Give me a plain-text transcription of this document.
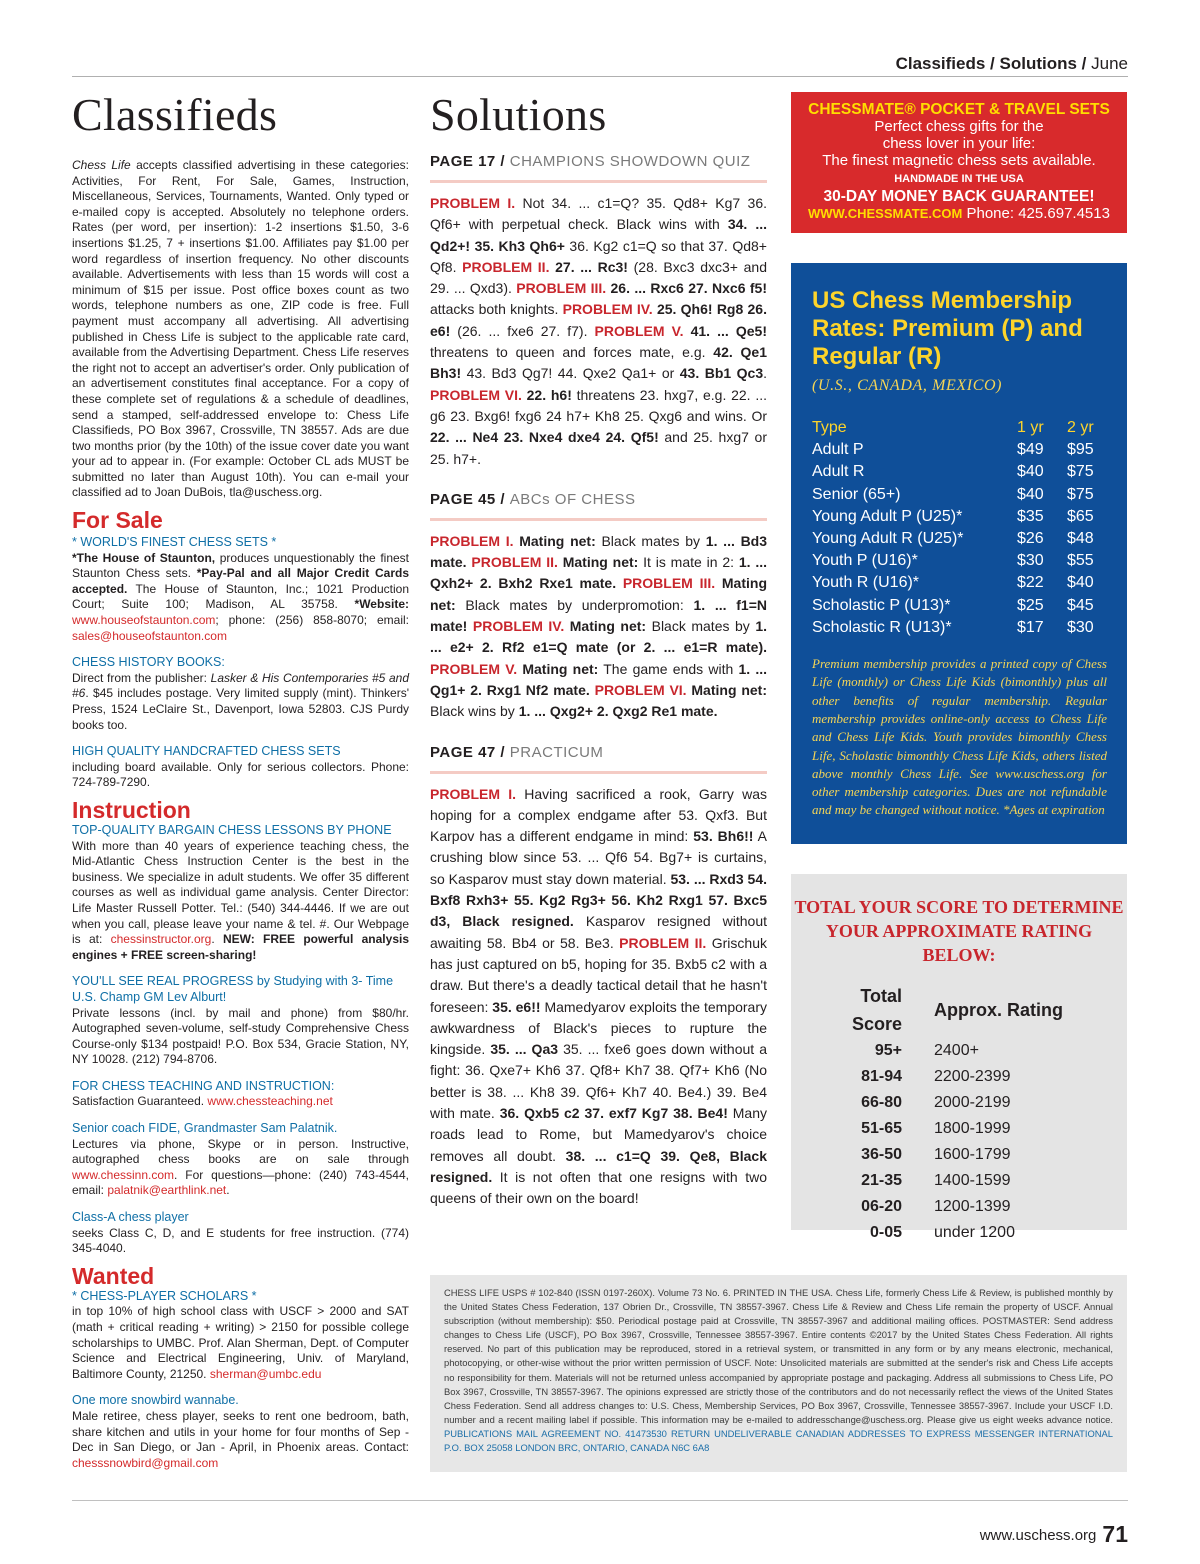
Classifieds / Solutions / June
Classifieds	Solutions

Chess Life accepts classified advertising in these categories: Activities, For Rent, For Sale, Games, Instruction, Miscellaneous, Services, Tournaments, Wanted. Only typed or e-mailed copy is accepted. Absolutely no telephone orders. Rates (per word, per insertion): 1-2 insertions $1.50, 3-6 insertions $1.25, 7 + insertions $1.00. Affiliates pay $1.00 per word regardless of insertion frequency. No other discounts available. Advertisements with less than 15 words will cost a minimum of $15 per issue. Post office boxes count as two words, telephone numbers as one, ZIP code is free. Full payment must accompany all advertising. All advertising published in Chess Life is subject to the applicable rate card, available from the Advertising Department. Chess Life reserves the right not to accept an advertiser's order. Only publication of an advertisement constitutes final acceptance. For a copy of these complete set of regulations & a schedule of deadlines, send a stamped, self-addressed envelope to: Chess Life Classifieds, PO Box 3967, Crossville, TN 38557. Ads are due two months prior (by the 10th) of the issue cover date you want your ad to appear in. (For example: October CL ads MUST be submitted no later than August 10th). You can e-mail your classified ad to Joan DuBois, tla@uschess.org.

For Sale
* WORLD'S FINEST CHESS SETS *

*The House of Staunton, produces unquestionably the finest Staunton Chess sets. *Pay-Pal and all Major Credit Cards accepted. The House of Staunton, Inc.; 1021 Production Court; Suite 100; Madison, AL 35758. *Website: www.houseofstaunton.com; phone: (256) 858-8070; email: sales@houseofstaunton.com

CHESS HISTORY BOOKS:

Direct from the publisher: Lasker & His Contemporaries #5 and #6. $45 includes postage. Very limited supply (mint). Thinkers' Press, 1524 LeClaire St., Davenport, Iowa 52803. CJS Purdy books too.

HIGH QUALITY HANDCRAFTED CHESS SETS

including board available. Only for serious collectors. Phone: 724-789-7290.

Instruction
TOP-QUALITY BARGAIN CHESS LESSONS BY PHONE

With more than 40 years of experience teaching chess, the Mid-Atlantic Chess Instruction Center is the best in the business. We specialize in adult students. We offer 35 different courses as well as individual game analysis. Center Director: Life Master Russell Potter. Tel.: (540) 344-4446. If we are out when you call, please leave your name & tel. #. Our Webpage is at: chessinstructor.org. NEW: FREE powerful analysis engines + FREE screen-sharing!

YOU'LL SEE REAL PROGRESS by Studying with 3- Time U.S. Champ GM Lev Alburt!

Private lessons (incl. by mail and phone) from $80/hr. Autographed seven-volume, self-study Comprehensive Chess Course-only $134 postpaid! P.O. Box 534, Gracie Station, NY, NY 10028. (212) 794-8706.

FOR CHESS TEACHING AND INSTRUCTION:

Satisfaction Guaranteed. www.chessteaching.net

Senior coach FIDE, Grandmaster Sam Palatnik.

Lectures via phone, Skype or in person. Instructive, autographed chess books are on sale through www.chessinn.com. For questions—phone: (240) 743-4544, email: palatnik@earthlink.net.

Class-A chess player

seeks Class C, D, and E students for free instruction. (774) 345-4040.

Wanted
* CHESS-PLAYER SCHOLARS *

in top 10% of high school class with USCF > 2000 and SAT (math + critical reading + writing) > 2150 for possible college scholarships to UMBC. Prof. Alan Sherman, Dept. of Computer Science and Electrical Engineering, Univ. of Maryland, Baltimore County, 21250. sherman@umbc.edu

One more snowbird wannabe.

Male retiree, chess player, seeks to rent one bedroom, bath, share kitchen and utils in your home for four months of Sep - Dec in San Diego, or Jan - April, in Phoenix areas. Contact: chesssnowbird@gmail.com

PAGE 17 / CHAMPIONS SHOWDOWN QUIZ

PROBLEM I. Not 34. ... c1=Q? 35. Qd8+ Kg7 36. Qf6+ with perpetual check. Black wins with 34. ... Qd2+! 35. Kh3 Qh6+ 36. Kg2 c1=Q so that 37. Qd8+ Qf8. PROBLEM II. 27. ... Rc3! (28. Bxc3 dxc3+ and 29. ... Qxd3). PROBLEM III. 26. ... Rxc6 27. Nxc6 f5! attacks both knights. PROBLEM IV. 25. Qh6! Rg8 26. e6! (26. ... fxe6 27. f7). PROBLEM V. 41. ... Qe5! threatens to queen and forces mate, e.g. 42. Qe1 Bh3! 43. Bd3 Qg7! 44. Qxe2 Qa1+ or 43. Bb1 Qc3. PROBLEM VI. 22. h6! threatens 23. hxg7, e.g. 22. ... g6 23. Bxg6! fxg6 24 h7+ Kh8 25. Qxg6 and wins. Or 22. ... Ne4 23. Nxe4 dxe4 24. Qf5! and 25. hxg7 or 25. h7+.

PAGE 45 / ABCs OF CHESS

PROBLEM I. Mating net: Black mates by 1. ... Bd3 mate. PROBLEM II. Mating net: It is mate in 2: 1. ... Qxh2+ 2. Bxh2 Rxe1 mate. PROBLEM III. Mating net: Black mates by underpromotion: 1. ... f1=N mate! PROBLEM IV. Mating net: Black mates by 1. ... e2+ 2. Rf2 e1=Q mate (or 2. ... e1=R mate). PROBLEM V. Mating net: The game ends with 1. ... Qg1+ 2. Rxg1 Nf2 mate. PROBLEM VI. Mating net: Black wins by 1. ... Qxg2+ 2. Qxg2 Re1 mate.

PAGE 47 / PRACTICUM

PROBLEM I. Having sacrificed a rook, Garry was hoping for a complex endgame after 53. Qxf3. But Karpov has a different endgame in mind: 53. Bh6!! A crushing blow since 53. ... Qf6 54. Bg7+ is curtains, so Kasparov must stay down material. 53. ... Rxd3 54. Bxf8 Rxh3+ 55. Kg2 Rg3+ 56. Kh2 Rxg1 57. Bxc5 d3, Black resigned. Kasparov resigned without awaiting 58. Bb4 or 58. Be3. PROBLEM II. Grischuk has just captured on b5, hoping for 35. Bxb5 c2 with a draw. But there's a deadly tactical detail that he hasn't foreseen: 35. e6!! Mamedyarov exploits the temporary awkwardness of Black's pieces to rupture the kingside. 35. ... Qa3 35. ... fxe6 goes down without a fight: 36. Qxe7+ Kh6 37. Qf8+ Kh7 38. Qf7+ Kh6 (No better is 38. ... Kh8 39. Qf6+ Kh7 40. Be4.) 39. Be4 with mate. 36. Qxb5 c2 37. exf7 Kg7 38. Be4! Many roads lead to Rome, but Mamedyarov's choice removes all doubt. 38. ... c1=Q 39. Qe8, Black resigned. It is not often that one resigns with two queens of their own on the board!

CHESSMATE® POCKET & TRAVEL SETS
Perfect chess gifts for the
chess lover in your life:
The finest magnetic chess sets available.
HANDMADE IN THE USA
30-DAY MONEY BACK GUARANTEE!
WWW.CHESSMATE.COM Phone: 425.697.4513
US Chess Membership Rates: Premium (P) and Regular (R)
(U.S., CANADA, MEXICO)
Type	1 yr	2 yr
Adult P	$49	$95
Adult R	$40	$75
Senior (65+)	$40	$75
Young Adult P (U25)*	$35	$65
Young Adult R (U25)*	$26	$48
Youth P (U16)*	$30	$55
Youth R (U16)*	$22	$40
Scholastic P (U13)*	$25	$45
Scholastic R (U13)*	$17	$30

Premium membership provides a printed copy of Chess Life (monthly) or Chess Life Kids (bimonthly) plus all other benefits of regular membership. Regular membership provides online-only access to Chess Life and Chess Life Kids. Youth provides bimonthly Chess Life, Scholastic bimonthly Chess Life Kids, others listed above monthly Chess Life. See www.uschess.org for other membership categories. Dues are not refundable and may be changed without notice. *Ages at expiration

TOTAL YOUR SCORE TO DETERMINE YOUR APPROXIMATE RATING BELOW:
Total Score	Approx. Rating
95+	2400+
81-94	2200-2399
66-80	2000-2199
51-65	1800-1999
36-50	1600-1799
21-35	1400-1599
06-20	1200-1399
0-05	under 1200
CHESS LIFE USPS # 102-840 (ISSN 0197-260X). Volume 73 No. 6. PRINTED IN THE USA. Chess Life, formerly Chess Life & Review, is published monthly by the United States Chess Federation, 137 Obrien Dr., Crossville, TN 38557-3967. Chess Life & Review and Chess Life remain the property of USCF. Annual subscription (without membership): $50. Periodical postage paid at Crossville, TN 38557-3967 and additional mailing offices. POSTMASTER: Send address changes to Chess Life (USCF), PO Box 3967, Crossville, Tennessee 38557-3967. Entire contents ©2017 by the United States Chess Federation. All rights reserved. No part of this publication may be reproduced, stored in a retrieval system, or transmitted in any form or by any means electronic, mechanical, photocopying, or other-wise without the prior written permission of USCF. Note: Unsolicited materials are submitted at the sender's risk and Chess Life accepts no responsibility for them. Materials will not be returned unless accompanied by appropriate postage and packaging. Address all submissions to Chess Life, PO Box 3967, Crossville, TN 38557-3967. The opinions expressed are strictly those of the contributors and do not necessarily reflect the views of the United States Chess Federation. Send all address changes to: U.S. Chess, Membership Services, PO Box 3967, Crossville, Tennessee 38557-3967. Include your USCF I.D. number and a recent mailing label if possible. This information may be e-mailed to addresschange@uschess.org. Please give us eight weeks advance notice. PUBLICATIONS MAIL AGREEMENT NO. 41473530 RETURN UNDELIVERABLE CANADIAN ADDRESSES TO EXPRESS MESSENGER INTERNATIONAL P.O. BOX 25058 LONDON BRC, ONTARIO, CANADA N6C 6A8
www.uschess.org 71
